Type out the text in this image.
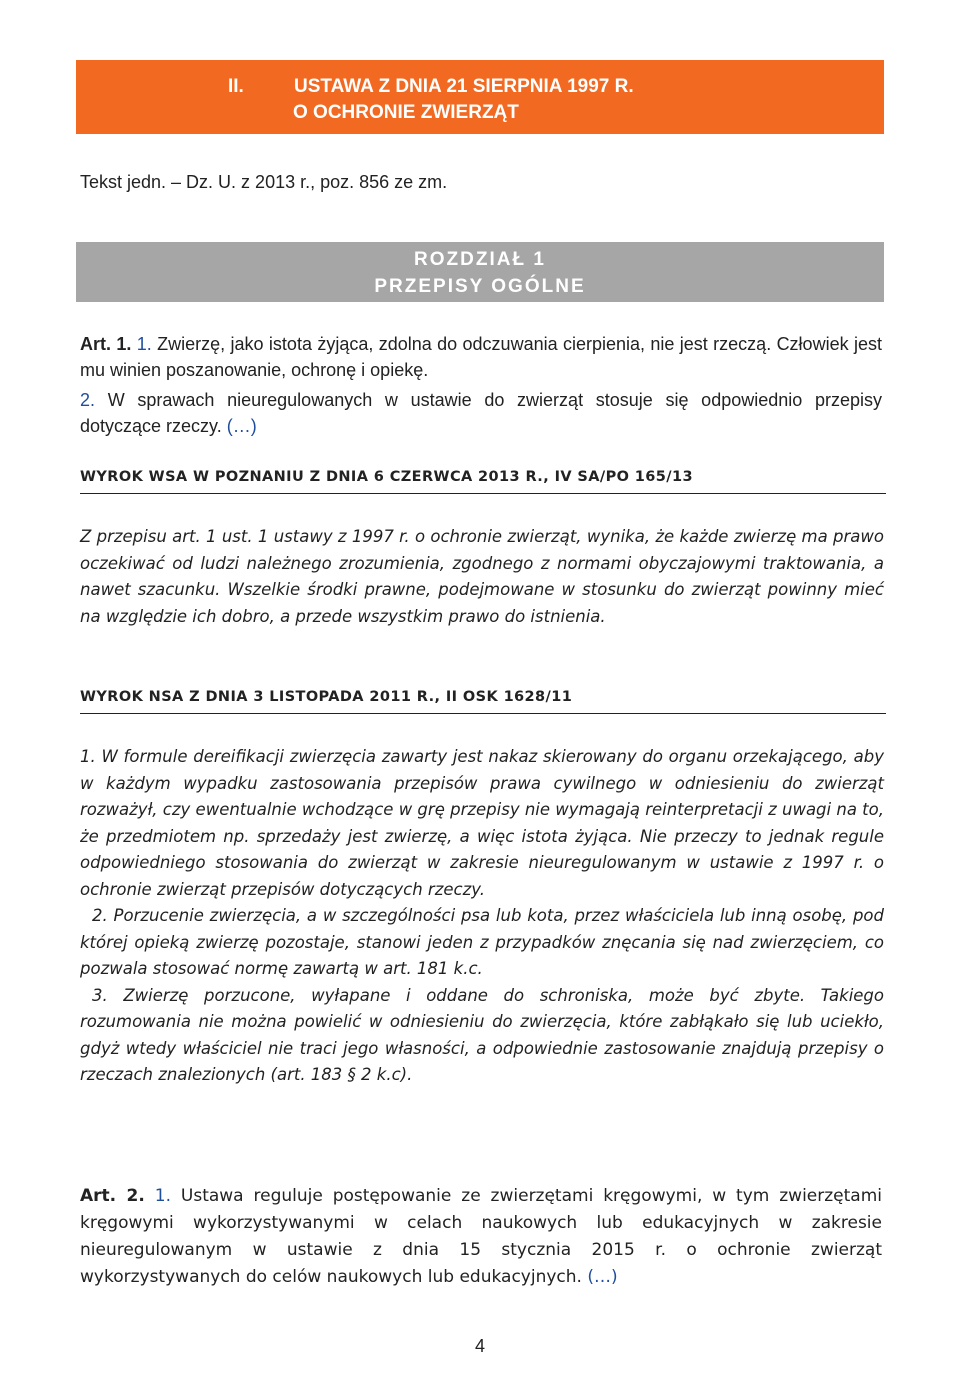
II.	USTAWA Z DNIA 21 SIERPNIA 1997 R.
O OCHRONIE ZWIERZĄT
Tekst jedn. – Dz. U. z 2013 r., poz. 856 ze zm.
ROZDZIAŁ 1
PRZEPISY OGÓLNE
Art. 1. 1. Zwierzę, jako istota żyjąca, zdolna do odczuwania cierpienia, nie jest rzeczą. Człowiek jest mu winien poszanowanie, ochronę i opiekę.
2. W sprawach nieuregulowanych w ustawie do zwierząt stosuje się odpowiednio przepisy dotyczące rzeczy. (…)
WYROK WSA W POZNANIU Z DNIA 6 CZERWCA 2013 R., IV SA/PO 165/13

Z przepisu art. 1 ust. 1 ustawy z 1997 r. o ochronie zwierząt, wynika, że każde zwierzę ma prawo oczekiwać od ludzi należnego zrozumienia, zgodnego z normami obyczajowymi traktowania, a nawet szacunku. Wszelkie środki prawne, podejmowane w stosunku do zwierząt powinny mieć na względzie ich dobro, a przede wszystkim prawo do istnienia.

WYROK NSA Z DNIA 3 LISTOPADA 2011 R., II OSK 1628/11

1. W formule dereifikacji zwierzęcia zawarty jest nakaz skierowany do organu orzekającego, aby w każdym wypadku zastosowania przepisów prawa cywilnego w odniesieniu do zwierząt rozważył, czy ewentualnie wchodzące w grę przepisy nie wymagają reinterpretacji z uwagi na to, że przedmiotem np. sprzedaży jest zwierzę, a więc istota żyjąca. Nie przeczy to jednak regule odpowiedniego stosowania do zwierząt w zakresie nieuregulowanym w ustawie z 1997 r. o ochronie zwierząt przepisów dotyczących rzeczy.

2. Porzucenie zwierzęcia, a w szczególności psa lub kota, przez właściciela lub inną osobę, pod której opieką zwierzę pozostaje, stanowi jeden z przypadków znęcania się nad zwierzęciem, co pozwala stosować normę zawartą w art. 181 k.c.

3. Zwierzę porzucone, wyłapane i oddane do schroniska, może być zbyte. Takiego rozumowania nie można powielić w odniesieniu do zwierzęcia, które zabłąkało się lub uciekło, gdyż wtedy właściciel nie traci jego własności, a odpowiednie zastosowanie znajdują przepisy o rzeczach znalezionych (art. 183 § 2 k.c).

Art. 2. 1. Ustawa reguluje postępowanie ze zwierzętami kręgowymi, w tym zwierzętami kręgowymi wykorzystywanymi w celach naukowych lub edukacyjnych w zakresie nieuregulowanym w ustawie z dnia 15 stycznia 2015 r. o ochronie zwierząt wykorzystywanych do celów naukowych lub edukacyjnych. (…)
4
